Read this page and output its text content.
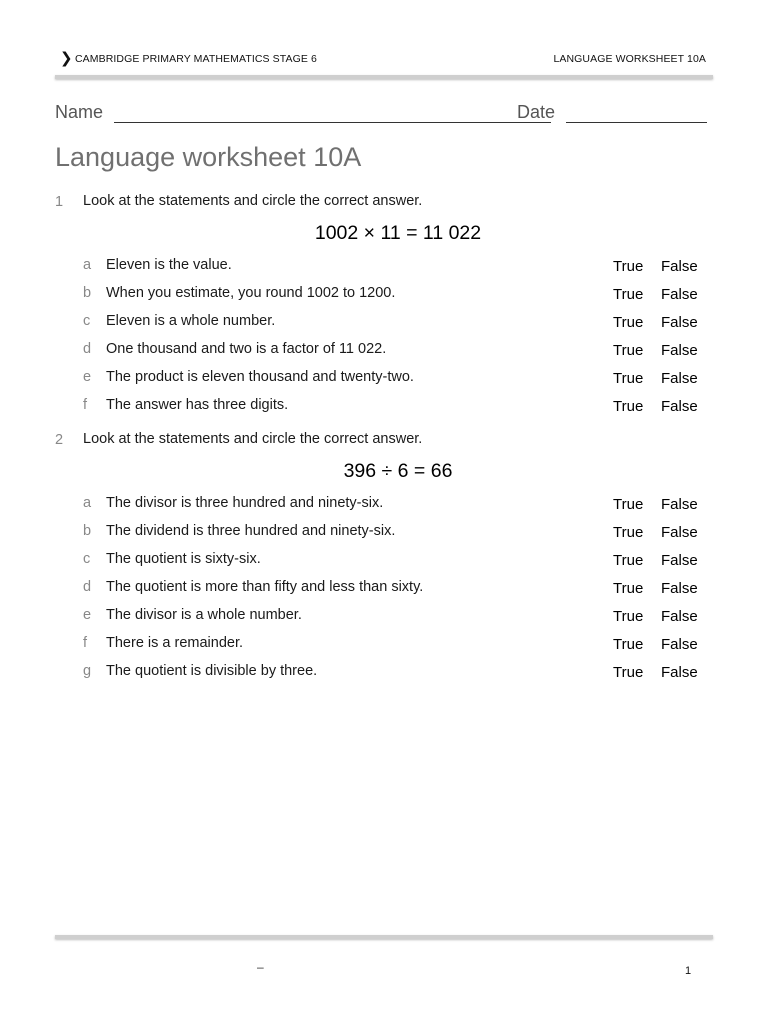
❯ CAMBRIDGE PRIMARY MATHEMATICS STAGE 6	LANGUAGE WORKSHEET 10A
Name	Date
Language worksheet 10A
1 Look at the statements and circle the correct answer.
1002 × 11 = 11 022
a Eleven is the value.	True False
b When you estimate, you round 1002 to 1200.	True False
c Eleven is a whole number.	True False
d One thousand and two is a factor of 11 022.	True False
e The product is eleven thousand and twenty-two.	True False
f The answer has three digits.	True False
2 Look at the statements and circle the correct answer.
396 ÷ 6 = 66
a The divisor is three hundred and ninety-six.	True False
b The dividend is three hundred and ninety-six.	True False
c The quotient is sixty-six.	True False
d The quotient is more than fifty and less than sixty.	True False
e The divisor is a whole number.	True False
f There is a remainder.	True False
g The quotient is divisible by three.	True False
–	1
